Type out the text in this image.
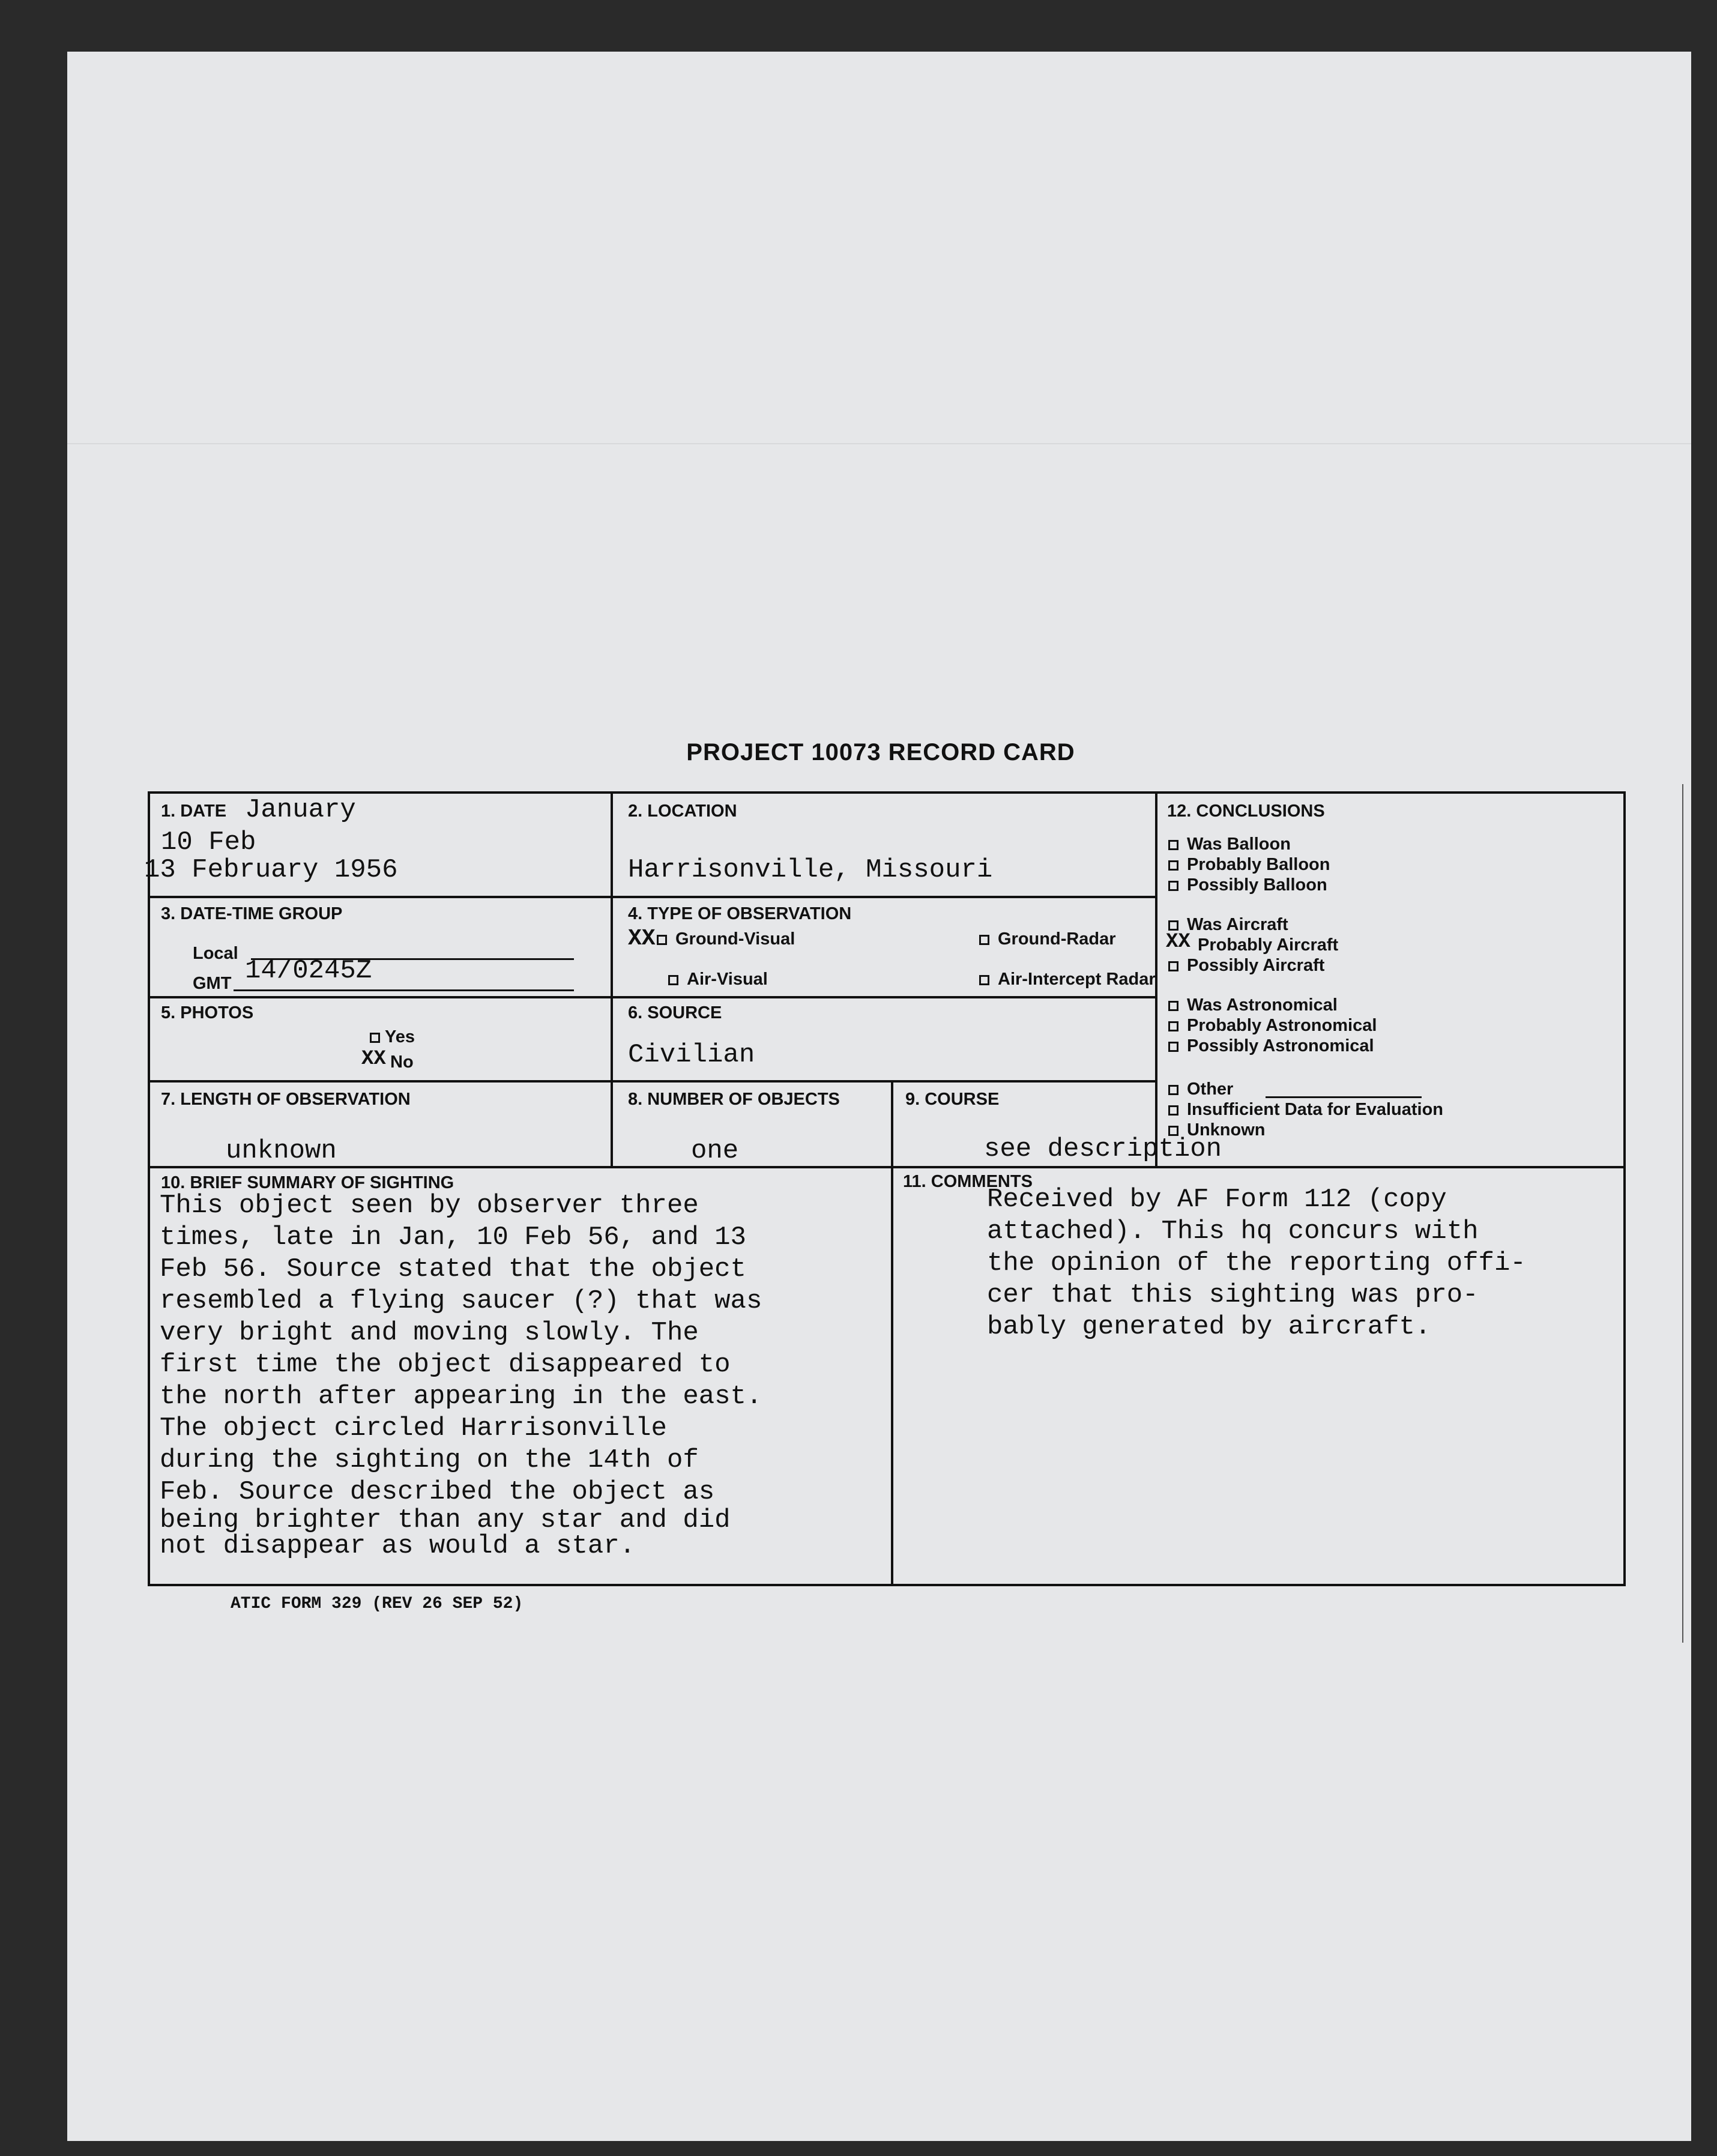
PROJECT 10073 RECORD CARD
1. DATE January
10 Feb
13 February 1956
2. LOCATION
Harrisonville, Missouri
3. DATE-TIME GROUP
Local
GMT 14/0245Z
4. TYPE OF OBSERVATION
XX	Ground-Visual	Ground-Radar
Air-Visual	Air-Intercept Radar
5. PHOTOS
Yes
XX No
6. SOURCE
Civilian
7. LENGTH OF OBSERVATION
unknown
8. NUMBER OF OBJECTS
one
9. COURSE
see description
10. BRIEF SUMMARY OF SIGHTING
This object seen by observer three
times, late in Jan, 10 Feb 56, and 13
Feb 56. Source stated that the object
resembled a flying saucer (?) that was
very bright and moving slowly. The
first time the object disappeared to
the north after appearing in the east.
The object circled Harrisonville
during the sighting on the 14th of
Feb. Source described the object as
being brighter than any star and did
not disappear as would a star.
11. COMMENTS
Received by AF Form 112 (copy
attached). This hq concurs with
the opinion of the reporting offi-
cer that this sighting was pro-
bably generated by aircraft.
12. CONCLUSIONS
Was Balloon
Probably Balloon
Possibly Balloon
Was Aircraft
XX Probably Aircraft
Possibly Aircraft
Was Astronomical
Probably Astronomical
Possibly Astronomical
Other
Insufficient Data for Evaluation
Unknown
ATIC FORM 329 (REV 26 SEP 52)
